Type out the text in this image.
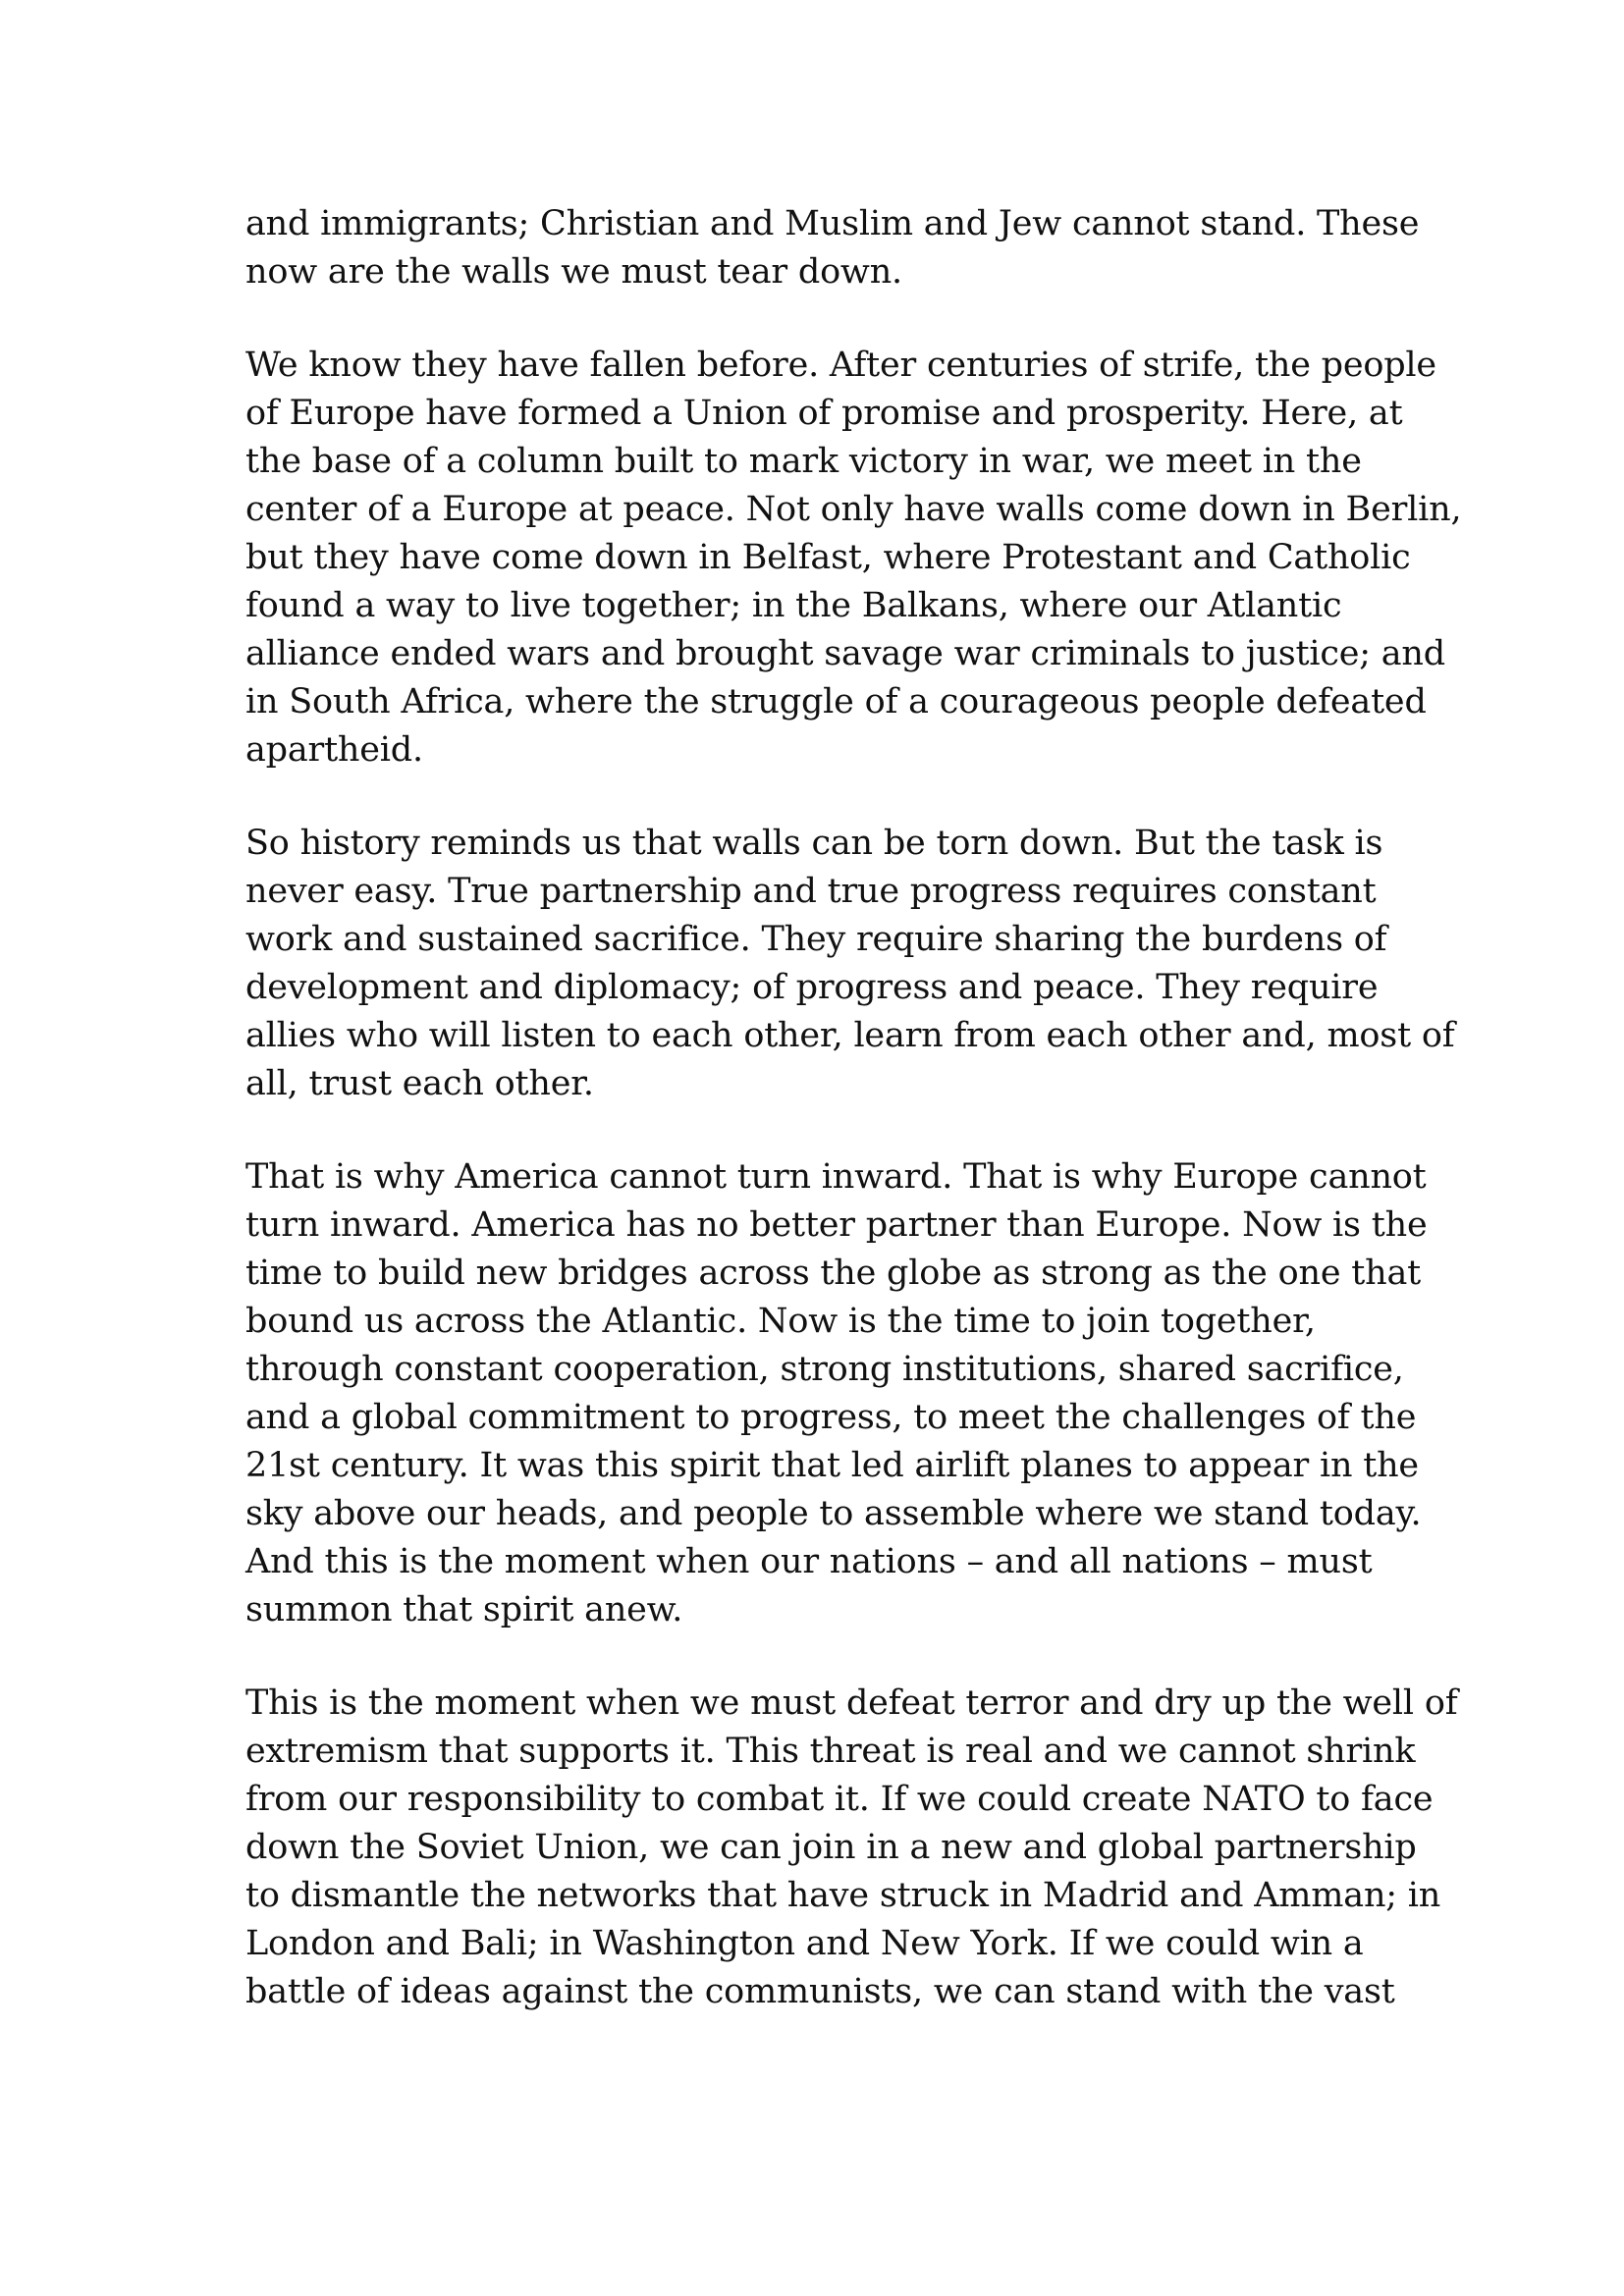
and immigrants; Christian and Muslim and Jew cannot stand. These
now are the walls we must tear down.
We know they have fallen before. After centuries of strife, the people
of Europe have formed a Union of promise and prosperity. Here, at
the base of a column built to mark victory in war, we meet in the
center of a Europe at peace. Not only have walls come down in Berlin,
but they have come down in Belfast, where Protestant and Catholic
found a way to live together; in the Balkans, where our Atlantic
alliance ended wars and brought savage war criminals to justice; and
in South Africa, where the struggle of a courageous people defeated
apartheid.
So history reminds us that walls can be torn down. But the task is
never easy. True partnership and true progress requires constant
work and sustained sacrifice. They require sharing the burdens of
development and diplomacy; of progress and peace. They require
allies who will listen to each other, learn from each other and, most of
all, trust each other.
That is why America cannot turn inward. That is why Europe cannot
turn inward. America has no better partner than Europe. Now is the
time to build new bridges across the globe as strong as the one that
bound us across the Atlantic. Now is the time to join together,
through constant cooperation, strong institutions, shared sacrifice,
and a global commitment to progress, to meet the challenges of the
21st century. It was this spirit that led airlift planes to appear in the
sky above our heads, and people to assemble where we stand today.
And this is the moment when our nations – and all nations – must
summon that spirit anew.
This is the moment when we must defeat terror and dry up the well of
extremism that supports it. This threat is real and we cannot shrink
from our responsibility to combat it. If we could create NATO to face
down the Soviet Union, we can join in a new and global partnership
to dismantle the networks that have struck in Madrid and Amman; in
London and Bali; in Washington and New York. If we could win a
battle of ideas against the communists, we can stand with the vast
